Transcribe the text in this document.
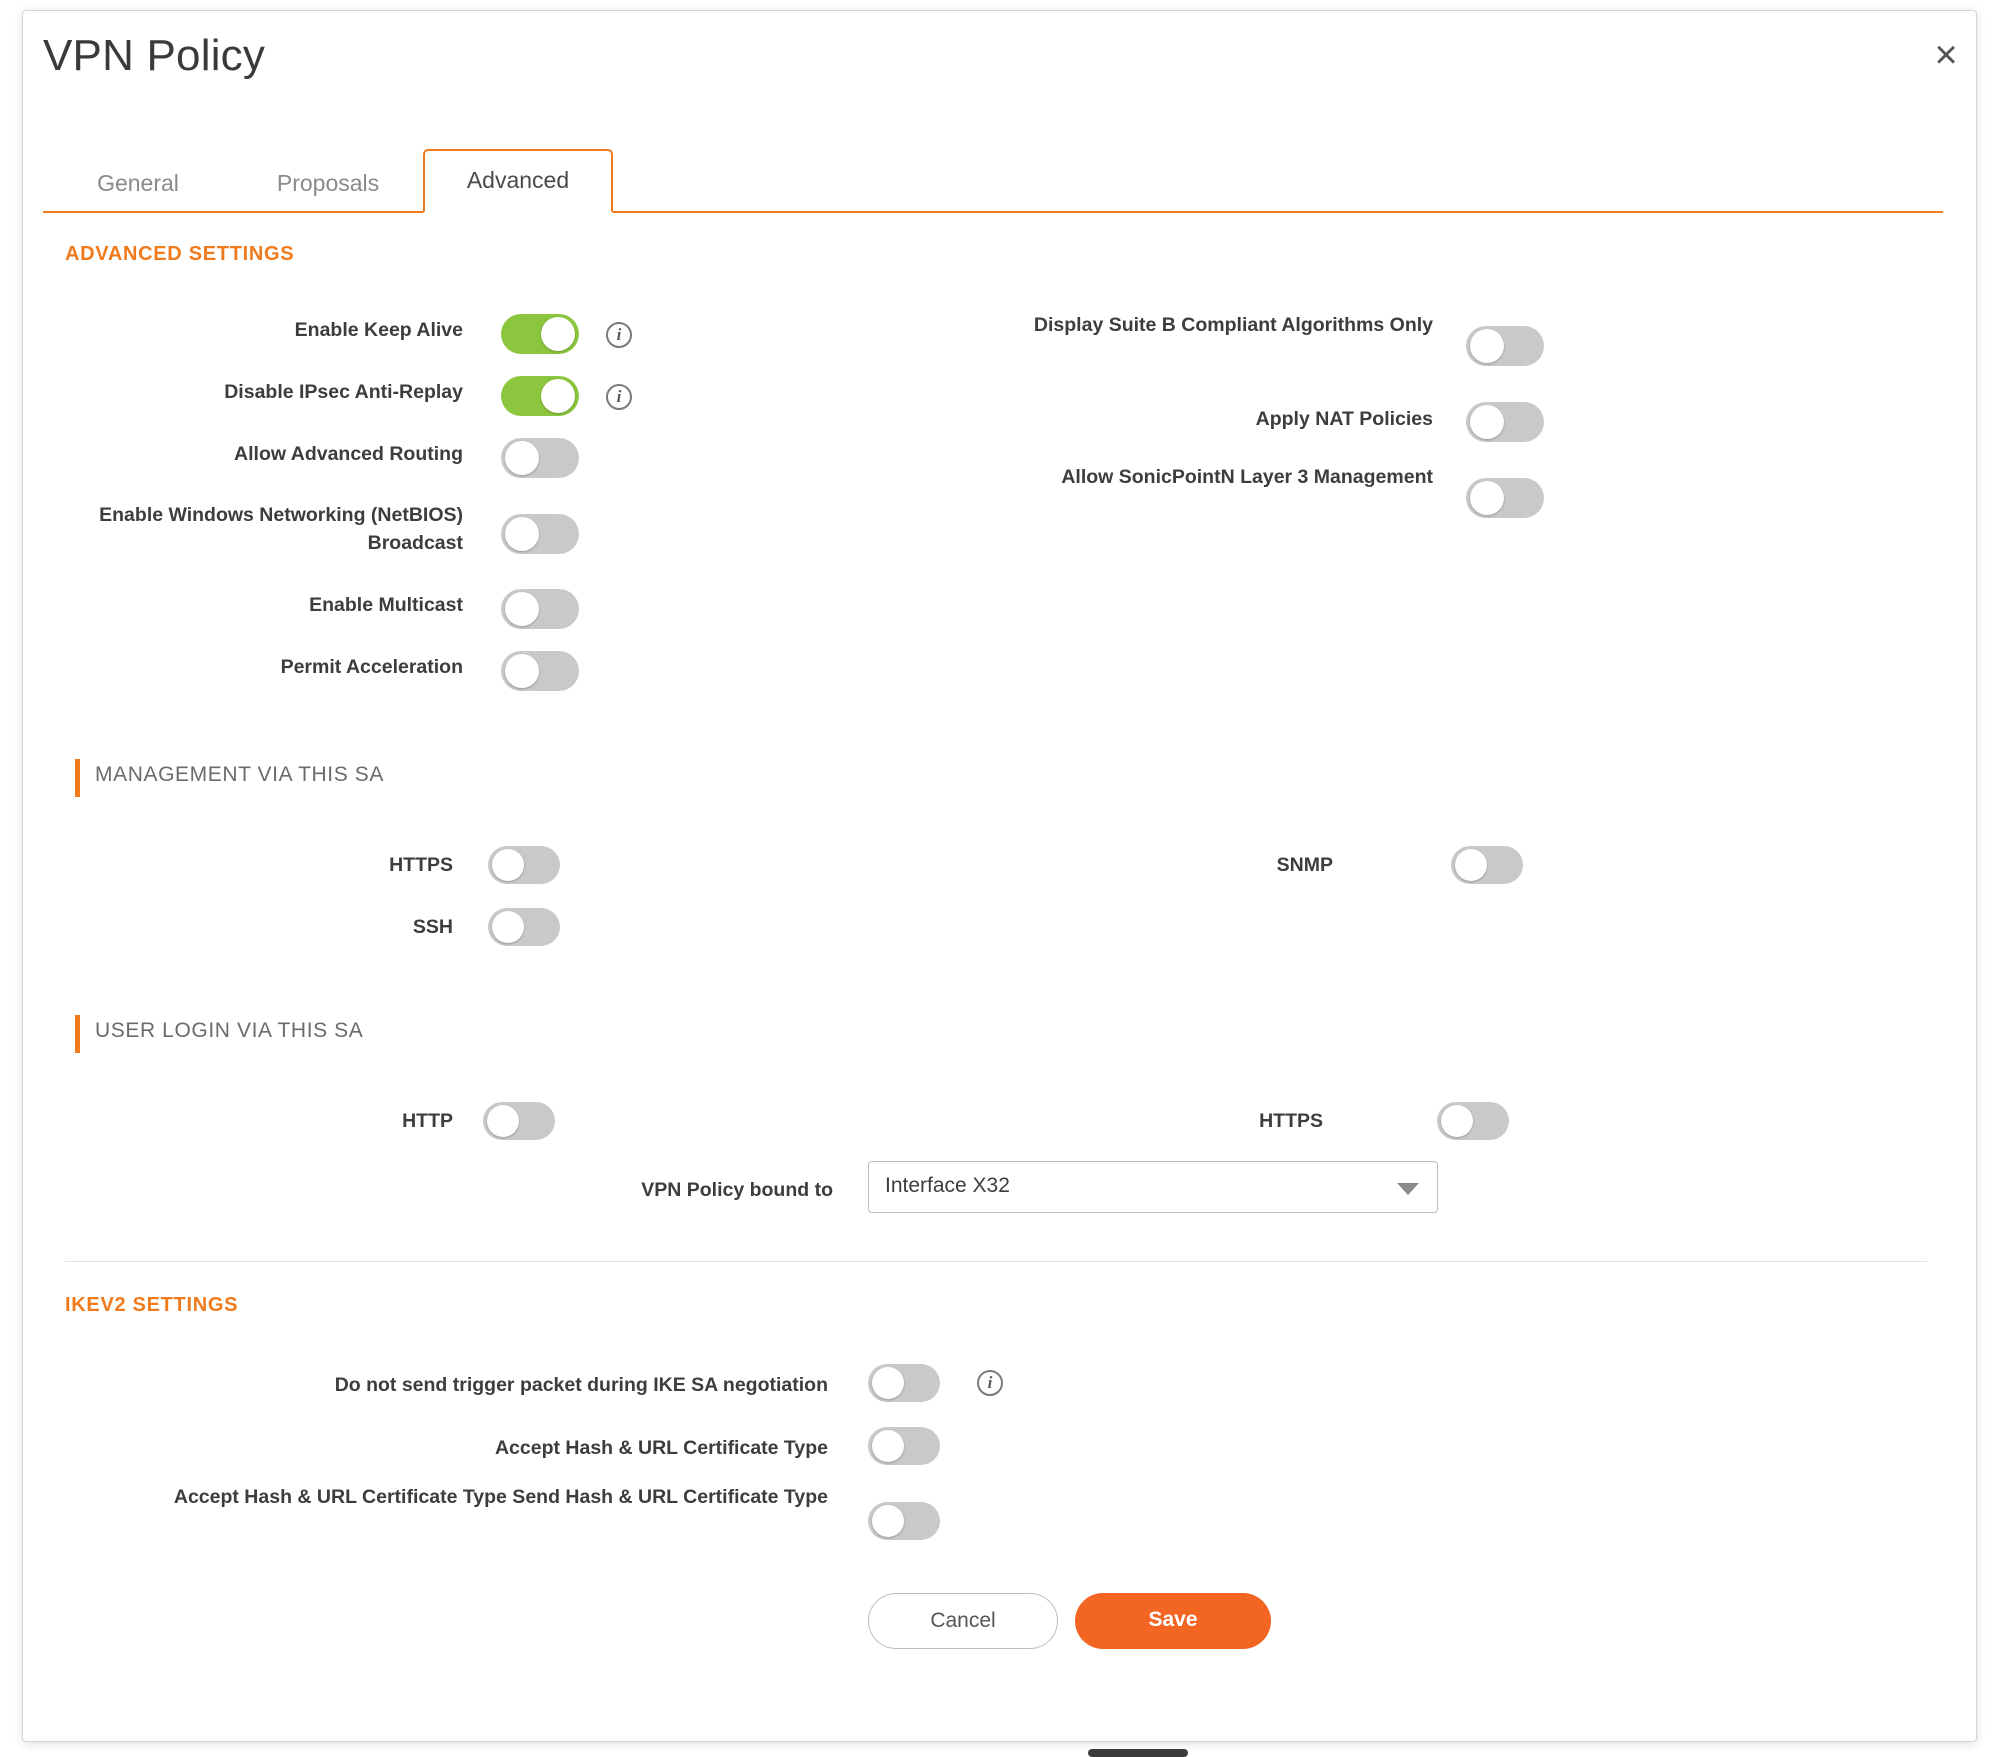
×
VPN Policy
General	Proposals	Advanced
ADVANCED SETTINGS
Enable Keep Alive	i
Disable IPsec Anti-Replay	i
Allow Advanced Routing
Enable Windows Networking (NetBIOS) Broadcast
Enable Multicast
Permit Acceleration
Display Suite B Compliant Algorithms Only
Apply NAT Policies
Allow SonicPointN Layer 3 Management
MANAGEMENT VIA THIS SA
HTTPS
SSH
SNMP
USER LOGIN VIA THIS SA
HTTP	HTTPS
VPN Policy bound to	Interface X32
IKEV2 SETTINGS
Do not send trigger packet during IKE SA negotiation	i
Accept Hash & URL Certificate Type
Accept Hash & URL Certificate Type Send Hash & URL Certificate Type
Cancel	Save
